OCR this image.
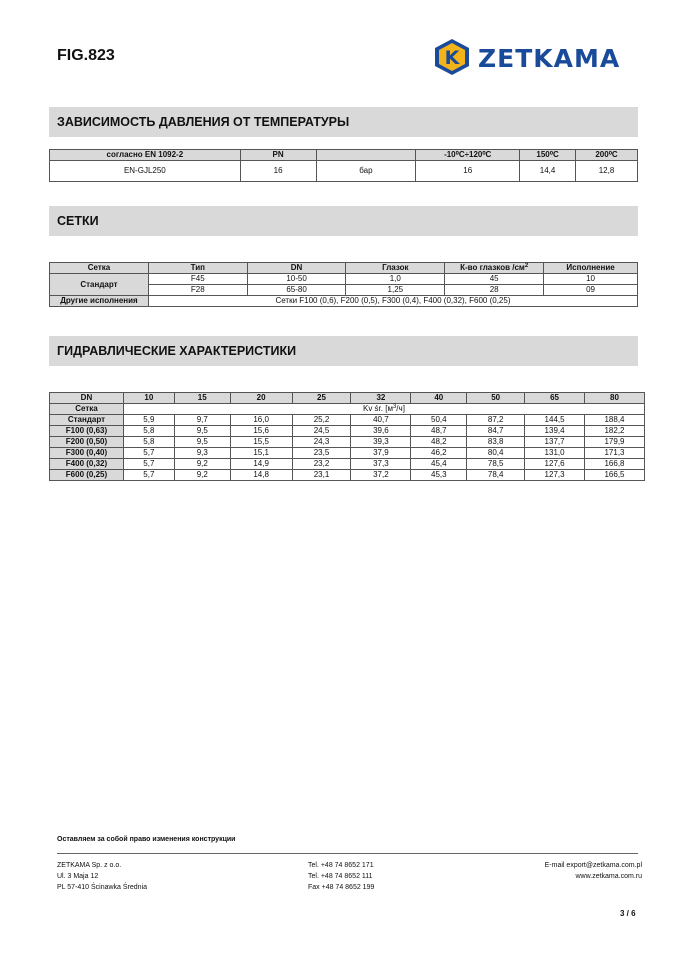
FIG.823	K ZETKAMA
ЗАВИСИМОСТЬ ДАВЛЕНИЯ ОТ ТЕМПЕРАТУРЫ
согласно EN 1092-2	PN		-10⁰C÷120⁰C	150⁰C	200⁰C
EN-GJL250	16	бар	16	14,4	12,8
СЕТКИ
Сетка	Тип	DN	Глазок	К-во глазков $/см^2$	Исполнение
Стандарт	F45	10-50	1,0	45	10
	F28	65-80	1,25	28	09
Другие исполнения	Сетки F100 (0,6), F200 (0,5), F300 (0,4), F400 (0,32), F600 (0,25)				
ГИДРАВЛИЧЕСКИЕ ХАРАКТЕРИСТИКИ
DN	10	15	20	25	32	40	50	65	80
Сетка	Kv śr. $[м^3/ч]$								
Стандарт	5,9	9,7	16,0	25,2	40,7	50,4	87,2	144,5	188,4
F100 (0,63)	5,8	9,5	15,6	24,5	39,6	48,7	84,7	139,4	182,2
F200 (0,50)	5,8	9,5	15,5	24,3	39,3	48,2	83,8	137,7	179,9
F300 (0,40)	5,7	9,3	15,1	23,5	37,9	46,2	80,4	131,0	171,3
F400 (0,32)	5,7	9,2	14,9	23,2	37,3	45,4	78,5	127,6	166,8
F600 (0,25)	5,7	9,2	14,8	23,1	37,2	45,3	78,4	127,3	166,5
Оставляем за собой право изменения конструкции
ZETKAMA Sp. z o.o.
Ul. 3 Maja 12
PL 57-410 Ścinawka Średnia
Tel. +48 74 8652 171
Tel. +48 74 8652 111
Fax +48 74 8652 199
E-mail export@zetkama.com.pl
www.zetkama.com.ru
3 / 6
